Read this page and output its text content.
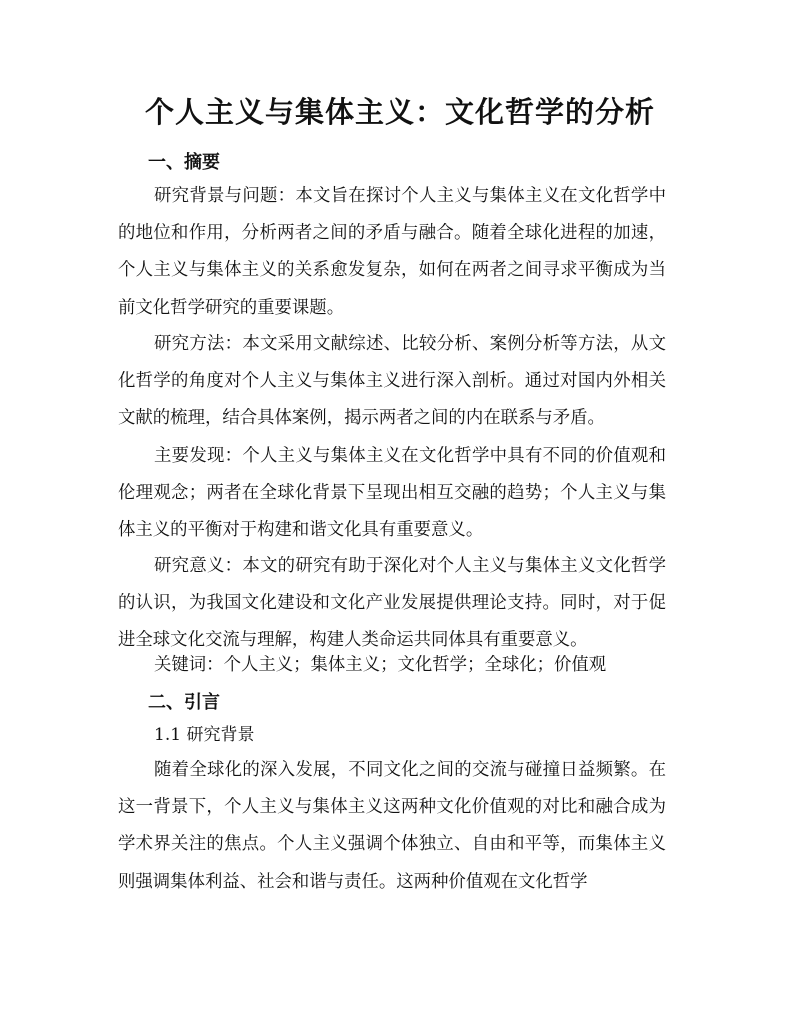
个人主义与集体主义：文化哲学的分析
一、摘要

研究背景与问题：本文旨在探讨个人主义与集体主义在文化哲学中的地位和作用，分析两者之间的矛盾与融合。随着全球化进程的加速，个人主义与集体主义的关系愈发复杂，如何在两者之间寻求平衡成为当前文化哲学研究的重要课题。

研究方法：本文采用文献综述、比较分析、案例分析等方法，从文化哲学的角度对个人主义与集体主义进行深入剖析。通过对国内外相关文献的梳理，结合具体案例，揭示两者之间的内在联系与矛盾。

主要发现：个人主义与集体主义在文化哲学中具有不同的价值观和伦理观念；两者在全球化背景下呈现出相互交融的趋势；个人主义与集体主义的平衡对于构建和谐文化具有重要意义。

研究意义：本文的研究有助于深化对个人主义与集体主义文化哲学的认识，为我国文化建设和文化产业发展提供理论支持。同时，对于促进全球文化交流与理解，构建人类命运共同体具有重要意义。

关键词：个人主义；集体主义；文化哲学；全球化；价值观

二、引言

1.1 研究背景

随着全球化的深入发展，不同文化之间的交流与碰撞日益频繁。在这一背景下，个人主义与集体主义这两种文化价值观的对比和融合成为学术界关注的焦点。个人主义强调个体独立、自由和平等，而集体主义则强调集体利益、社会和谐与责任。这两种价值观在文化哲学
